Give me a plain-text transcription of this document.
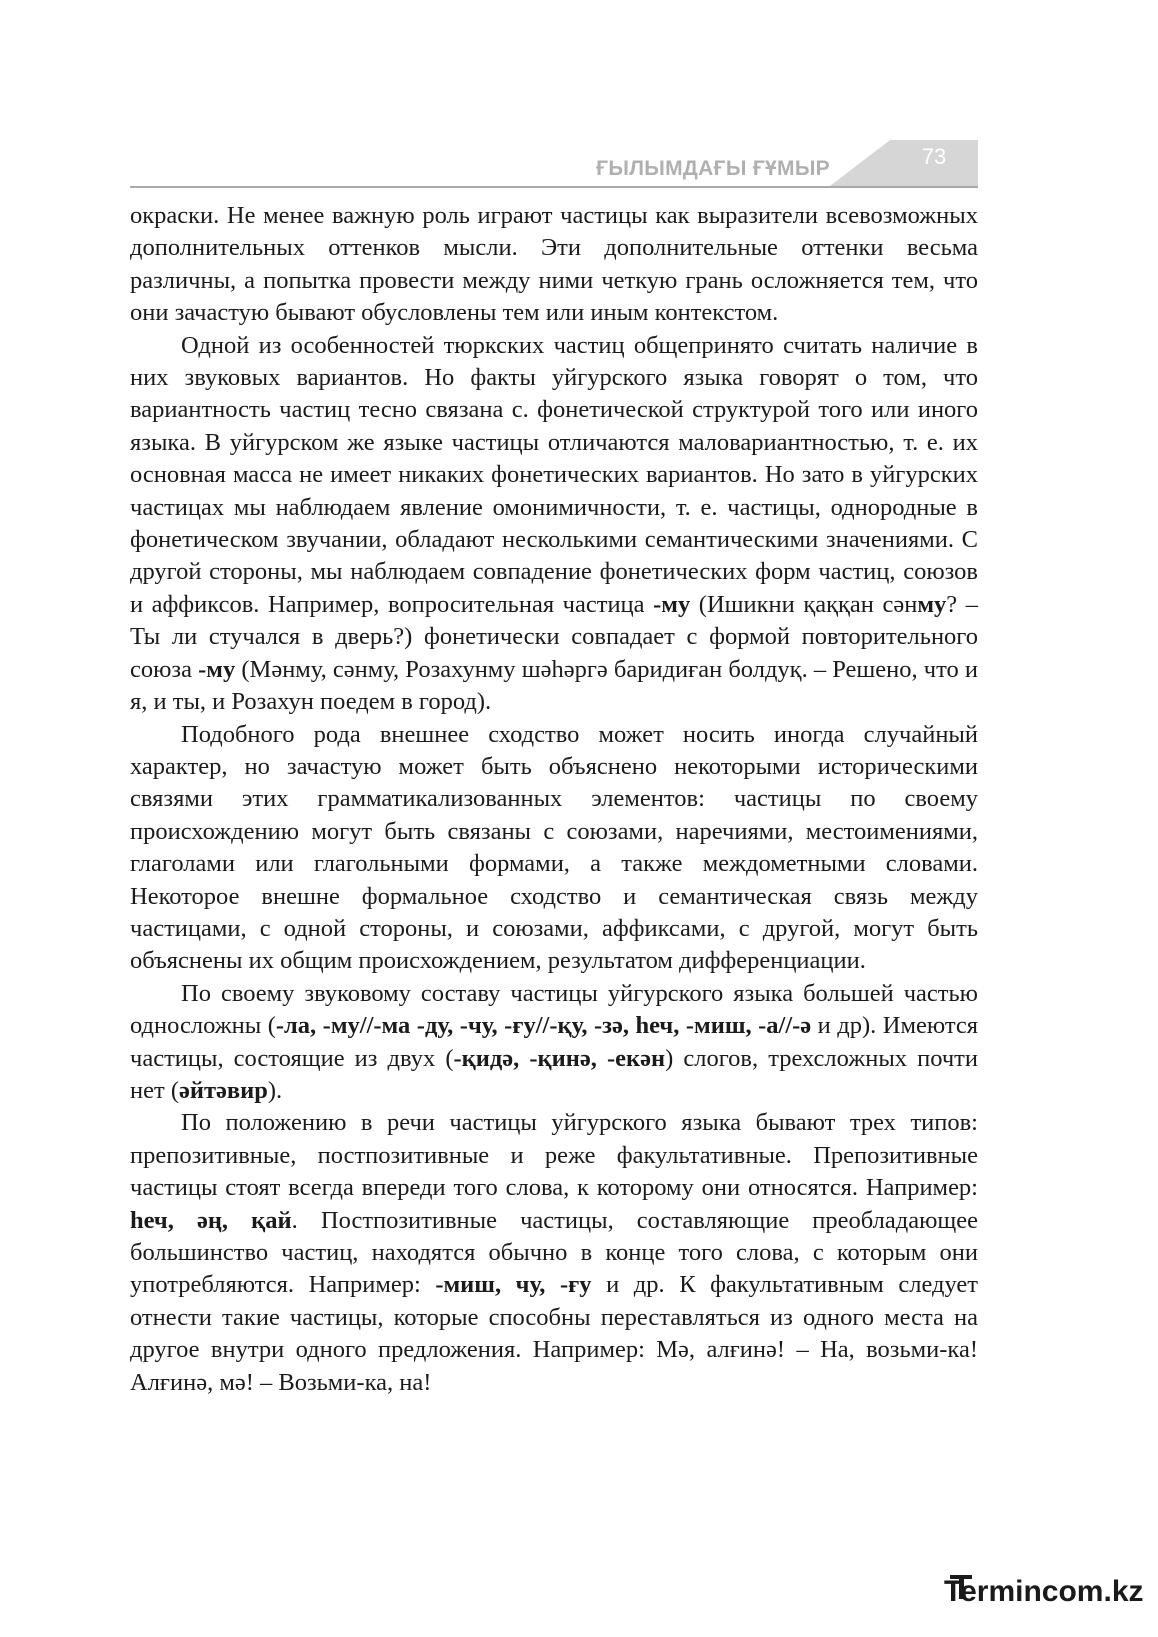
73
ҒЫЛЫМДАҒЫ ҒҰМЫР

окраски. Не менее важную роль играют частицы как выразители всевозможных дополнительных оттенков мысли. Эти дополнительные оттенки весьма различны, а попытка провести между ними четкую грань осложняется тем, что они зачастую бывают обусловлены тем или иным контекстом.

Одной из особенностей тюркских частиц общепринято считать наличие в них звуковых вариантов. Но факты уйгурского языка говорят о том, что вариантность частиц тесно связана с. фонетической структурой того или иного языка. В уйгурском же языке частицы отличаются маловариантностью, т. е. их основная масса не имеет никаких фонетических вариантов. Но зато в уйгурских частицах мы наблюдаем явление омонимичности, т. е. частицы, однородные в фонетическом звучании, обладают несколькими семантическими значениями. С другой стороны, мы наблюдаем совпадение фонетических форм частиц, союзов и аффиксов. Например, вопросительная частица -му (Ишикни қаққан сәнму? – Ты ли стучался в дверь?) фонетически совпадает с формой повторительного союза -му (Мәнму, сәнму, Розахунму шәһәргә баридиған болдуқ. – Решено, что и я, и ты, и Розахун поедем в город).

Подобного рода внешнее сходство может носить иногда случайный характер, но зачастую может быть объяснено некоторыми историческими связями этих грамматикализованных элементов: частицы по своему происхождению могут быть связаны с союзами, наречиями, местоимениями, глаголами или глагольными формами, а также междометными словами. Некоторое внешне формальное сходство и семантическая связь между частицами, с одной стороны, и союзами, аффиксами, с другой, могут быть объяснены их общим происхождением, результатом дифференциации.

По своему звуковому составу частицы уйгурского языка большей частью односложны (-ла, -му//-ма -ду, -чу, -ғу//-қу, -зә, һеч, -миш, -а//-ә и др). Имеются частицы, состоящие из двух (-қидә, -қинә, -екән) слогов, трехсложных почти нет (әйтәвир).

По положению в речи частицы уйгурского языка бывают трех типов: препозитивные, постпозитивные и реже факультативные. Препозитивные частицы стоят всегда впереди того слова, к которому они относятся. Например: һеч, әң, қай. Постпозитивные частицы, составляющие преобладающее большинство частиц, находятся обычно в конце того слова, с которым они употребляются. Например: -миш, чу, -ғу и др. К факультативным следует отнести такие частицы, которые способны переставляться из одного места на другое внутри одного предложения. Например: Мә, алғинә! – На, возьми-ка! Алғинә, мә! – Возьми-ка, на!

Termincom.kz
